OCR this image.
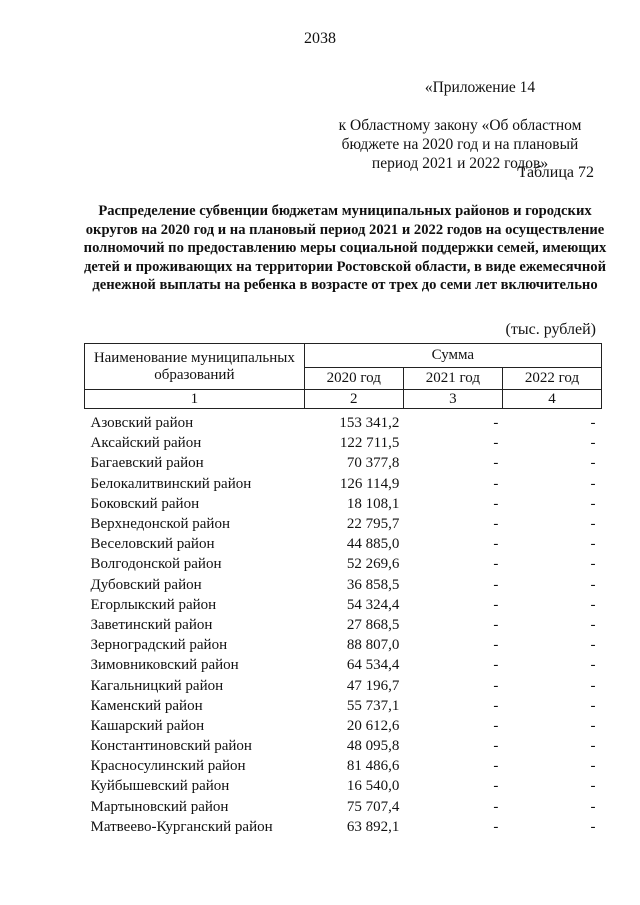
2038
«Приложение 14
к Областному закону «Об областном бюджете на 2020 год и на плановый период 2021 и 2022 годов»
Таблица 72
Распределение субвенции бюджетам муниципальных районов и городских округов на 2020 год и на плановый период 2021 и 2022 годов на осуществление полномочий по предоставлению меры социальной поддержки семей, имеющих детей и проживающих на территории Ростовской области, в виде ежемесячной денежной выплаты на ребенка в возрасте от трех до семи лет включительно
(тыс. рублей)
Наименование муниципальных образований	Сумма		
	2020 год	2021 год	2022 год
1	2	3	4
Азовский район	153 341,2	-	-
Аксайский район	122 711,5	-	-
Багаевский район	70 377,8	-	-
Белокалитвинский район	126 114,9	-	-
Боковский район	18 108,1	-	-
Верхнедонской район	22 795,7	-	-
Веселовский район	44 885,0	-	-
Волгодонской район	52 269,6	-	-
Дубовский район	36 858,5	-	-
Егорлыкский район	54 324,4	-	-
Заветинский район	27 868,5	-	-
Зерноградский район	88 807,0	-	-
Зимовниковский район	64 534,4	-	-
Кагальницкий район	47 196,7	-	-
Каменский район	55 737,1	-	-
Кашарский район	20 612,6	-	-
Константиновский район	48 095,8	-	-
Красносулинский район	81 486,6	-	-
Куйбышевский район	16 540,0	-	-
Мартыновский район	75 707,4	-	-
Матвеево-Курганский район	63 892,1	-	-
